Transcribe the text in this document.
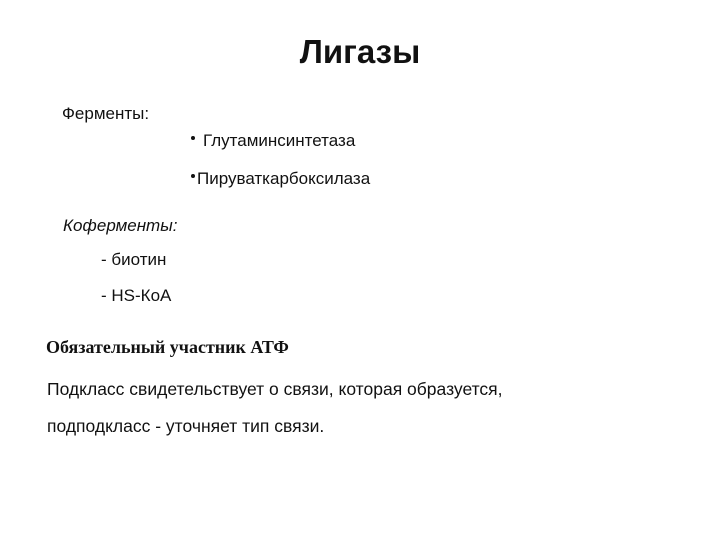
Лигазы
Ферменты:
Глутаминсинтетаза
Пируваткарбоксилаза
Коферменты:
- биотин
- HS-КоА
Обязательный участник АТФ
Подкласс свидетельствует о связи, которая образуется,
подподкласс - уточняет тип связи.
